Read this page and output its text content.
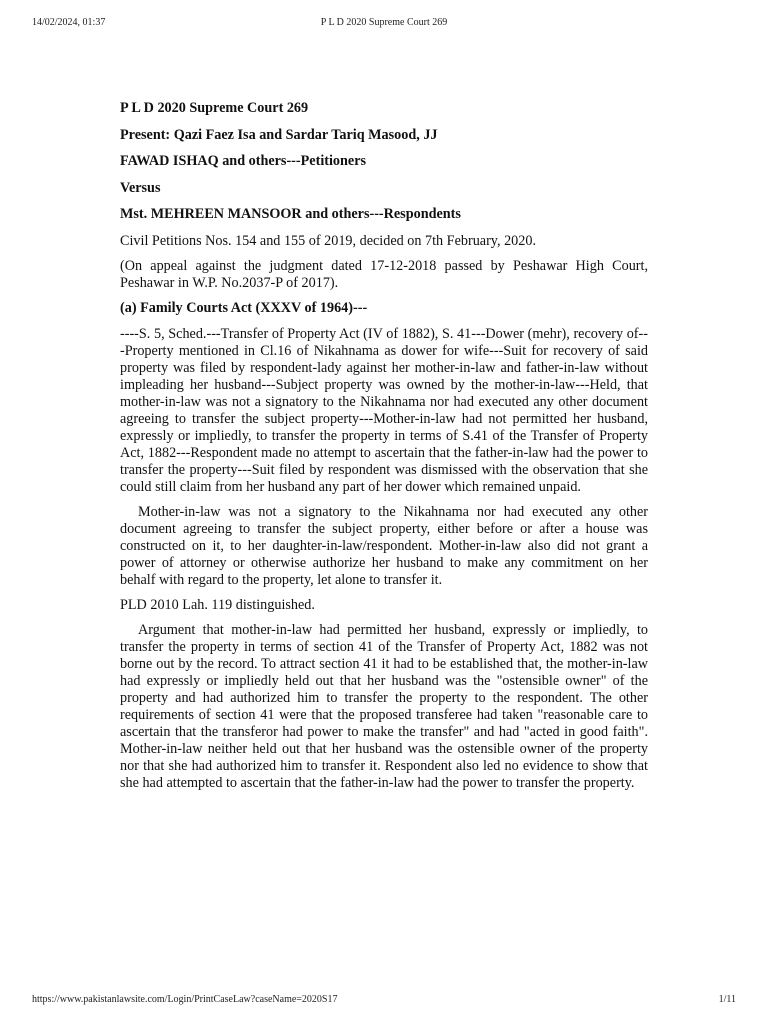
14/02/2024, 01:37	P L D 2020 Supreme Court 269

P L D 2020 Supreme Court 269

Present: Qazi Faez Isa and Sardar Tariq Masood, JJ

FAWAD ISHAQ and others---Petitioners

Versus

Mst. MEHREEN MANSOOR and others---Respondents

Civil Petitions Nos. 154 and 155 of 2019, decided on 7th February, 2020.

(On appeal against the judgment dated 17-12-2018 passed by Peshawar High Court, Peshawar in W.P. No.2037-P of 2017).

(a) Family Courts Act (XXXV of 1964)---

----S. 5, Sched.---Transfer of Property Act (IV of 1882), S. 41---Dower (mehr), recovery of---Property mentioned in Cl.16 of Nikahnama as dower for wife---Suit for recovery of said property was filed by respondent-lady against her mother-in-law and father-in-law without impleading her husband---Subject property was owned by the mother-in-law---Held, that mother-in-law was not a signatory to the Nikahnama nor had executed any other document agreeing to transfer the subject property---Mother-in-law had not permitted her husband, expressly or impliedly, to transfer the property in terms of S.41 of the Transfer of Property Act, 1882---Respondent made no attempt to ascertain that the father-in-law had the power to transfer the property---Suit filed by respondent was dismissed with the observation that she could still claim from her husband any part of her dower which remained unpaid.

Mother-in-law was not a signatory to the Nikahnama nor had executed any other document agreeing to transfer the subject property, either before or after a house was constructed on it, to her daughter-in-law/respondent. Mother-in-law also did not grant a power of attorney or otherwise authorize her husband to make any commitment on her behalf with regard to the property, let alone to transfer it.

PLD 2010 Lah. 119 distinguished.

Argument that mother-in-law had permitted her husband, expressly or impliedly, to transfer the property in terms of section 41 of the Transfer of Property Act, 1882 was not borne out by the record. To attract section 41 it had to be established that, the mother-in-law had expressly or impliedly held out that her husband was the "ostensible owner" of the property and had authorized him to transfer the property to the respondent. The other requirements of section 41 were that the proposed transferee had taken "reasonable care to ascertain that the transferor had power to make the transfer" and had "acted in good faith". Mother-in-law neither held out that her husband was the ostensible owner of the property nor that she had authorized him to transfer it. Respondent also led no evidence to show that she had attempted to ascertain that the father-in-law had the power to transfer the property.

https://www.pakistanlawsite.com/Login/PrintCaseLaw?caseName=2020S17	1/11
